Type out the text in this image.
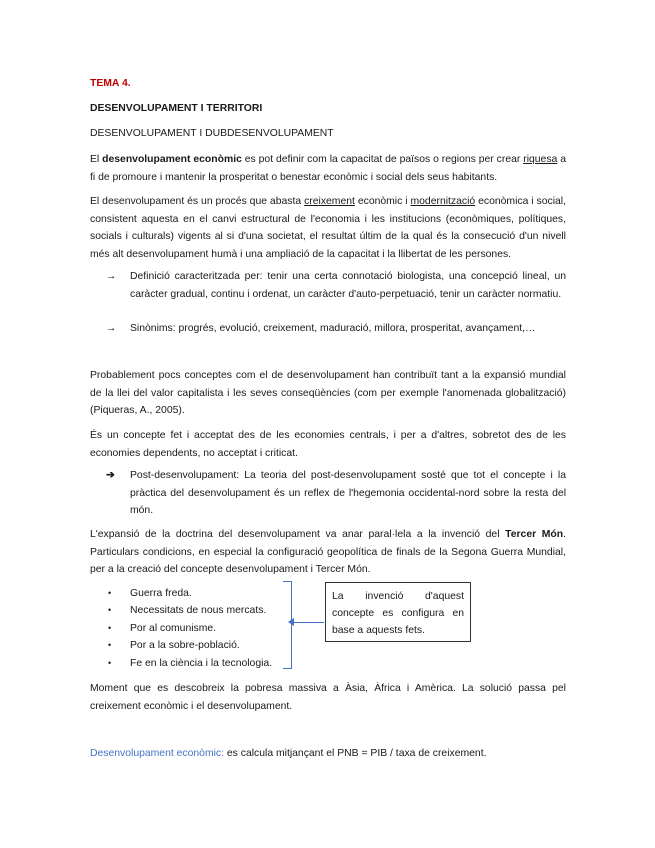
TEMA 4.
DESENVOLUPAMENT I TERRITORI
DESENVOLUPAMENT I DUBDESENVOLUPAMENT
El desenvolupament econòmic es pot definir com la capacitat de països o regions per crear riquesa a fi de promoure i mantenir la prosperitat o benestar econòmic i social dels seus habitants.
El desenvolupament és un procés que abasta creixement econòmic i modernització econòmica i social, consistent aquesta en el canvi estructural de l'economia i les institucions (econòmiques, polítiques, socials i culturals) vigents al si d'una societat, el resultat últim de la qual és la consecució d'un nivell més alt desenvolupament humà i una ampliació de la capacitat i la llibertat de les persones.
→	Definició caracteritzada per: tenir una certa connotació biologista, una concepció lineal, un caràcter gradual, continu i ordenat, un caràcter d'auto-perpetuació, tenir un caràcter normatiu.
→	Sinònims: progrés, evolució, creixement, maduració, millora, prosperitat, avançament,…
Probablement pocs conceptes com el de desenvolupament han contribuït tant a la expansió mundial de la llei del valor capitalista i les seves conseqüències (com per exemple l'anomenada globalització) (Piqueras, A., 2005).
És un concepte fet i acceptat des de les economies centrals, i per a d'altres, sobretot des de les economies dependents, no acceptat i criticat.
➔	Post-desenvolupament: La teoria del post-desenvolupament sosté que tot el concepte i la pràctica del desenvolupament és un reflex de l'hegemonia occidental-nord sobre la resta del món.
L'expansió de la doctrina del desenvolupament va anar paral·lela a la invenció del Tercer Món. Particulars condicions, en especial la configuració geopolítica de finals de la Segona Guerra Mundial, per a la creació del concepte desenvolupament i Tercer Món.
• Guerra freda.
• Necessitats de nous mercats.
• Por al comunisme.
• Por a la sobre-població.
• Fe en la ciència i la tecnologia.
La invenció d'aquest concepte es configura en base a aquests fets.
Moment que es descobreix la pobresa massiva a Àsia, Àfrica i Amèrica. La solució passa pel creixement econòmic i el desenvolupament.
Desenvolupament econòmic: es calcula mitjançant el PNB = PIB / taxa de creixement.
